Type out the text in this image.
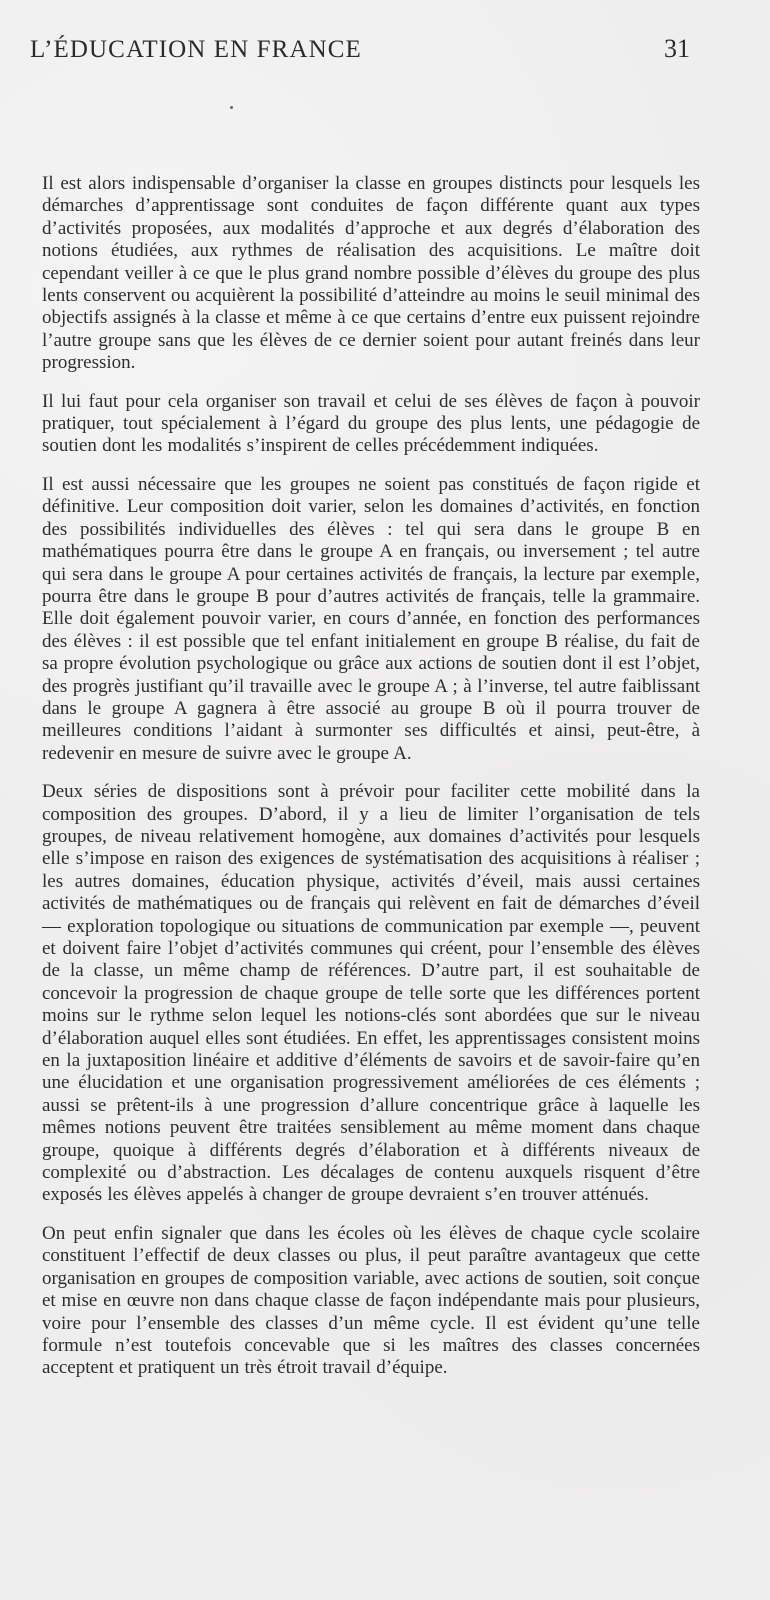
L’ÉDUCATION EN FRANCE	31

Il est alors indispensable d’organiser la classe en groupes distincts pour lesquels les démarches d’apprentissage sont conduites de façon différente quant aux types d’activités proposées, aux modalités d’approche et aux degrés d’élaboration des notions étudiées, aux rythmes de réalisation des acquisitions. Le maître doit cependant veiller à ce que le plus grand nombre possible d’élèves du groupe des plus lents conservent ou acquièrent la possibilité d’atteindre au moins le seuil minimal des objectifs assignés à la classe et même à ce que certains d’entre eux puissent rejoindre l’autre groupe sans que les élèves de ce dernier soient pour autant freinés dans leur progression.

Il lui faut pour cela organiser son travail et celui de ses élèves de façon à pouvoir pratiquer, tout spécialement à l’égard du groupe des plus lents, une pédagogie de soutien dont les modalités s’inspirent de celles précédemment indiquées.

Il est aussi nécessaire que les groupes ne soient pas constitués de façon rigide et définitive. Leur composition doit varier, selon les domaines d’activités, en fonction des possibilités individuelles des élèves : tel qui sera dans le groupe B en mathématiques pourra être dans le groupe A en français, ou inversement ; tel autre qui sera dans le groupe A pour certaines activités de français, la lecture par exemple, pourra être dans le groupe B pour d’autres activités de français, telle la grammaire. Elle doit également pouvoir varier, en cours d’année, en fonction des performances des élèves : il est possible que tel enfant initialement en groupe B réalise, du fait de sa propre évolution psychologique ou grâce aux actions de soutien dont il est l’objet, des progrès justifiant qu’il travaille avec le groupe A ; à l’inverse, tel autre faiblissant dans le groupe A gagnera à être associé au groupe B où il pourra trouver de meilleures conditions l’aidant à surmonter ses difficultés et ainsi, peut-être, à redevenir en mesure de suivre avec le groupe A.

Deux séries de dispositions sont à prévoir pour faciliter cette mobilité dans la composition des groupes. D’abord, il y a lieu de limiter l’organisation de tels groupes, de niveau relativement homogène, aux domaines d’activités pour lesquels elle s’impose en raison des exigences de systématisation des acquisitions à réaliser ; les autres domaines, éducation physique, activités d’éveil, mais aussi certaines activités de mathématiques ou de français qui relèvent en fait de démarches d’éveil — exploration topologique ou situations de communication par exemple —, peuvent et doivent faire l’objet d’activités communes qui créent, pour l’ensemble des élèves de la classe, un même champ de références. D’autre part, il est souhaitable de concevoir la progression de chaque groupe de telle sorte que les différences portent moins sur le rythme selon lequel les notions-clés sont abordées que sur le niveau d’élaboration auquel elles sont étudiées. En effet, les apprentissages consistent moins en la juxtaposition linéaire et additive d’éléments de savoirs et de savoir-faire qu’en une élucidation et une organisation progressivement améliorées de ces éléments ; aussi se prêtent-ils à une progression d’allure concentrique grâce à laquelle les mêmes notions peuvent être traitées sensiblement au même moment dans chaque groupe, quoique à différents degrés d’élaboration et à différents niveaux de complexité ou d’abstraction. Les décalages de contenu auxquels risquent d’être exposés les élèves appelés à changer de groupe devraient s’en trouver atténués.

On peut enfin signaler que dans les écoles où les élèves de chaque cycle scolaire constituent l’effectif de deux classes ou plus, il peut paraître avantageux que cette organisation en groupes de composition variable, avec actions de soutien, soit conçue et mise en œuvre non dans chaque classe de façon indépendante mais pour plusieurs, voire pour l’ensemble des classes d’un même cycle. Il est évident qu’une telle formule n’est toutefois concevable que si les maîtres des classes concernées acceptent et pratiquent un très étroit travail d’équipe.
